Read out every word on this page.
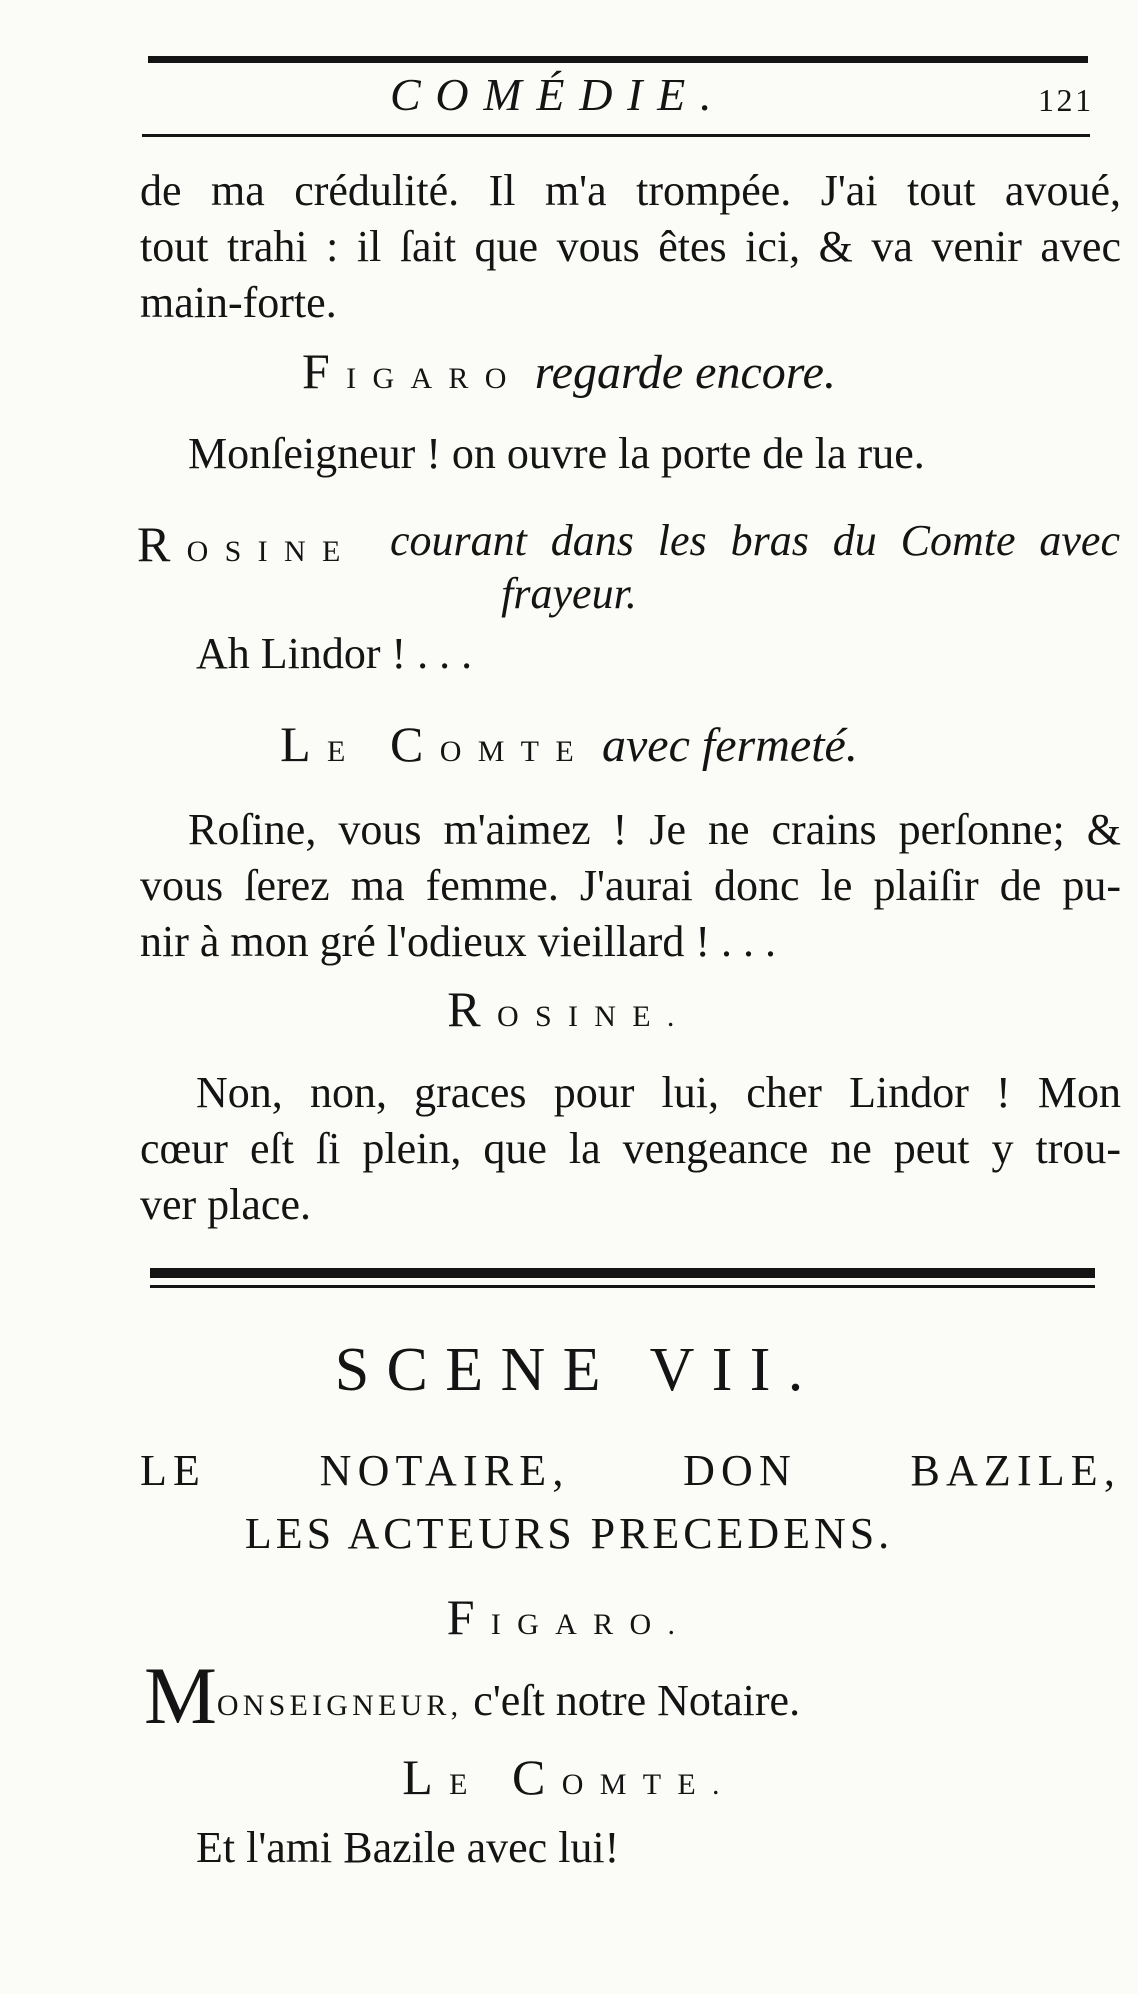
COMÉDIE.	121
de ma crédulité. Il m'a trompée. J'ai tout avoué,
tout trahi : il ſait que vous êtes ici, & va venir avec
main-forte.
FIGARO regarde encore.
Monſeigneur ! on ouvre la porte de la rue.
ROSINE courant dans les bras du Comte avec
frayeur.
Ah Lindor ! . . .
LE COMTE avec fermeté.
Roſine, vous m'aimez ! Je ne crains perſonne; &
vous ſerez ma femme. J'aurai donc le plaiſir de pu-
nir à mon gré l'odieux vieillard ! . . .
ROSINE.
Non, non, graces pour lui, cher Lindor ! Mon
cœur eſt ſi plein, que la vengeance ne peut y trou-
ver place.
SCENE VII.
LE NOTAIRE, DON BAZILE,
LES ACTEURS PRECEDENS.
FIGARO.
MONSEIGNEUR, c'eſt notre Notaire.
LE COMTE.
Et l'ami Bazile avec lui!
